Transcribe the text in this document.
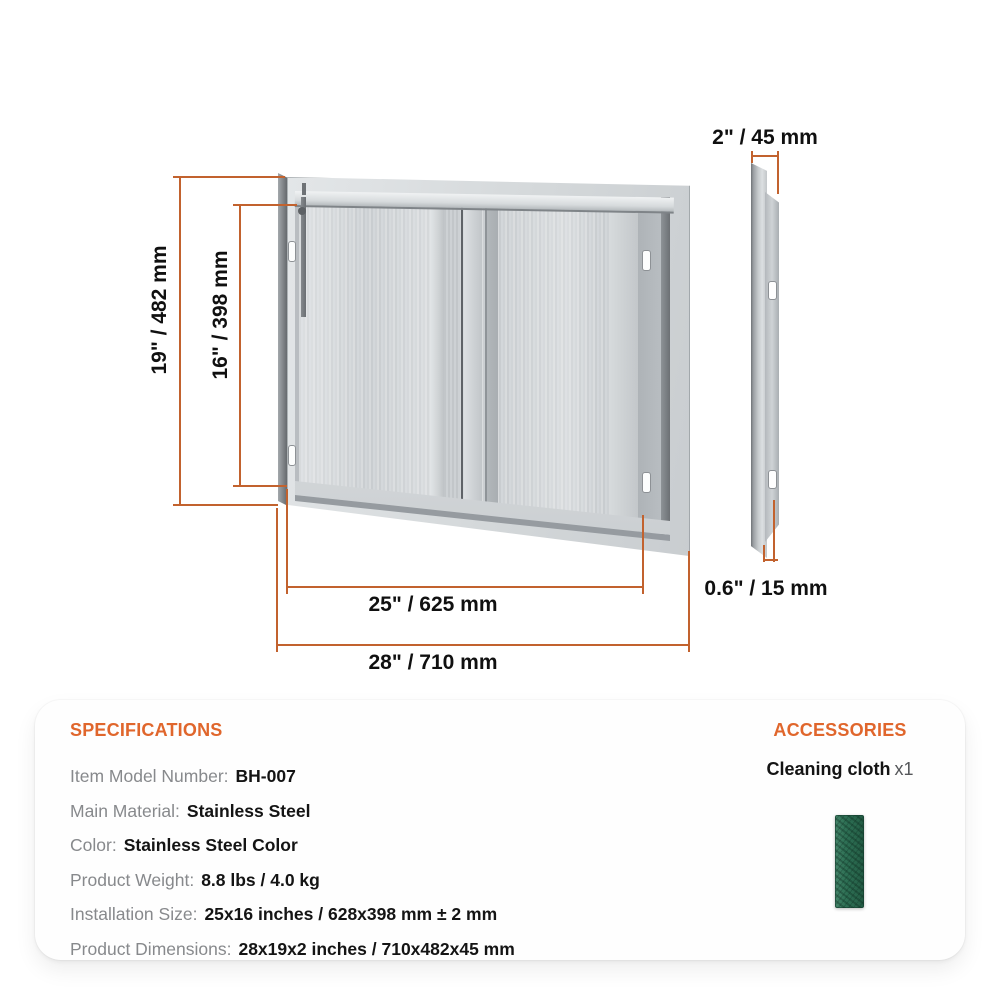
19" / 482 mm 16" / 398 mm
25" / 625 mm
28" / 710 mm
2" / 45 mm
0.6" / 15 mm
SPECIFICATIONS
Item Model Number: BH-007
Main Material: Stainless Steel
Color: Stainless Steel Color
Product Weight: 8.8 lbs / 4.0 kg
Installation Size: 25x16 inches / 628x398 mm ± 2 mm
Product Dimensions: 28x19x2 inches / 710x482x45 mm
ACCESSORIES
Cleaning cloth x1
